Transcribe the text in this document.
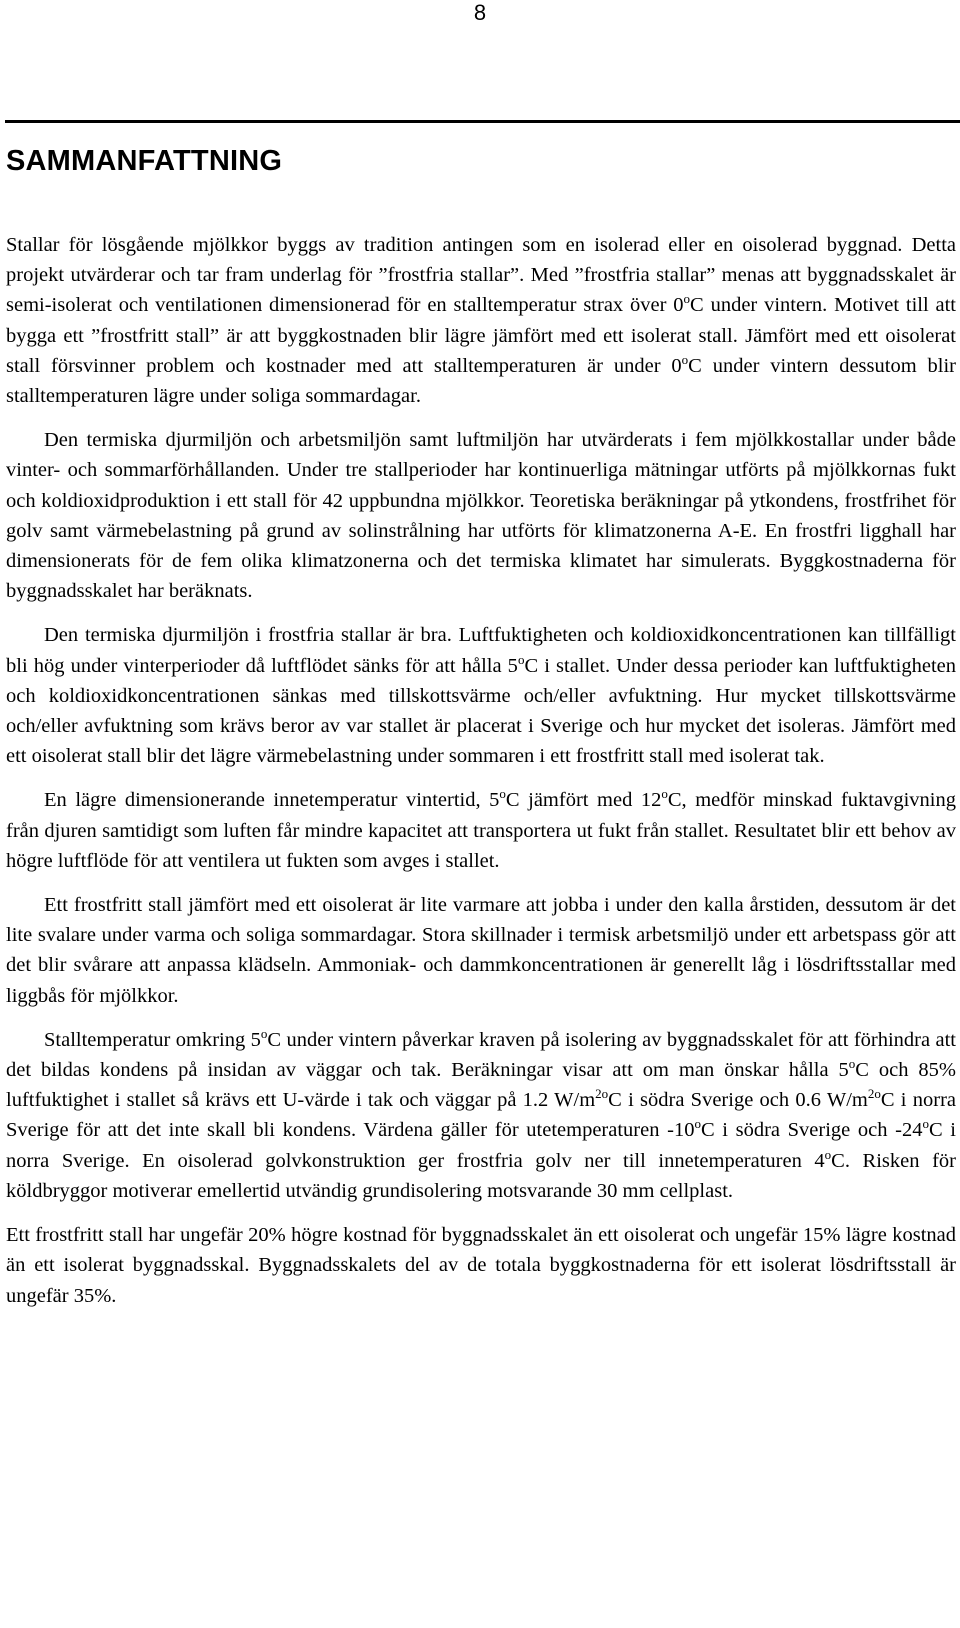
8
SAMMANFATTNING

Stallar för lösgående mjölkkor byggs av tradition antingen som en isolerad eller en oisolerad byggnad. Detta projekt utvärderar och tar fram underlag för ”frostfria stallar”. Med ”frostfria stallar” menas att byggnadsskalet är semi-isolerat och ventilationen dimensionerad för en stalltemperatur strax över 0$^o$C under vintern. Motivet till att bygga ett ”frostfritt stall” är att byggkostnaden blir lägre jämfört med ett isolerat stall. Jämfört med ett oisolerat stall försvinner problem och kostnader med att stalltemperaturen är under 0$^o$C under vintern dessutom blir stalltemperaturen lägre under soliga sommardagar.

Den termiska djurmiljön och arbetsmiljön samt luftmiljön har utvärderats i fem mjölkkostallar under både vinter- och sommarförhållanden. Under tre stallperioder har kontinuerliga mätningar utförts på mjölkkornas fukt och koldioxidproduktion i ett stall för 42 uppbundna mjölkkor. Teoretiska beräkningar på ytkondens, frostfrihet för golv samt värmebelastning på grund av solinstrålning har utförts för klimatzonerna A-E. En frostfri ligghall har dimensionerats för de fem olika klimatzonerna och det termiska klimatet har simulerats. Byggkostnaderna för byggnadsskalet har beräknats.

Den termiska djurmiljön i frostfria stallar är bra. Luftfuktigheten och koldioxidkoncentrationen kan tillfälligt bli hög under vinterperioder då luftflödet sänks för att hålla 5$^o$C i stallet. Under dessa perioder kan luftfuktigheten och koldioxidkoncentrationen sänkas med tillskottsvärme och/eller avfuktning. Hur mycket tillskottsvärme och/eller avfuktning som krävs beror av var stallet är placerat i Sverige och hur mycket det isoleras. Jämfört med ett oisolerat stall blir det lägre värmebelastning under sommaren i ett frostfritt stall med isolerat tak.

En lägre dimensionerande innetemperatur vintertid, 5$^o$C jämfört med 12$^o$C, medför minskad fuktavgivning från djuren samtidigt som luften får mindre kapacitet att transportera ut fukt från stallet. Resultatet blir ett behov av högre luftflöde för att ventilera ut fukten som avges i stallet.

Ett frostfritt stall jämfört med ett oisolerat är lite varmare att jobba i under den kalla årstiden, dessutom är det lite svalare under varma och soliga sommardagar. Stora skillnader i termisk arbetsmiljö under ett arbetspass gör att det blir svårare att anpassa klädseln. Ammoniak- och dammkoncentrationen är generellt låg i lösdriftsstallar med liggbås för mjölkkor.

Stalltemperatur omkring 5$^o$C under vintern påverkar kraven på isolering av byggnadsskalet för att förhindra att det bildas kondens på insidan av väggar och tak. Beräkningar visar att om man önskar hålla 5$^o$C och 85% luftfuktighet i stallet så krävs ett U-värde i tak och väggar på 1.2 $W/m^{2o}C$ i södra Sverige och 0.6 $W/m^{2o}C$ i norra Sverige för att det inte skall bli kondens. Värdena gäller för utetemperaturen -10$^o$C i södra Sverige och -24$^o$C i norra Sverige. En oisolerad golvkonstruktion ger frostfria golv ner till innetemperaturen 4$^o$C. Risken för köldbryggor motiverar emellertid utvändig grundisolering motsvarande 30 mm cellplast.

Ett frostfritt stall har ungefär 20% högre kostnad för byggnadsskalet än ett oisolerat och ungefär 15% lägre kostnad än ett isolerat byggnadsskal. Byggnadsskalets del av de totala byggkostnaderna för ett isolerat lösdriftsstall är ungefär 35%.
